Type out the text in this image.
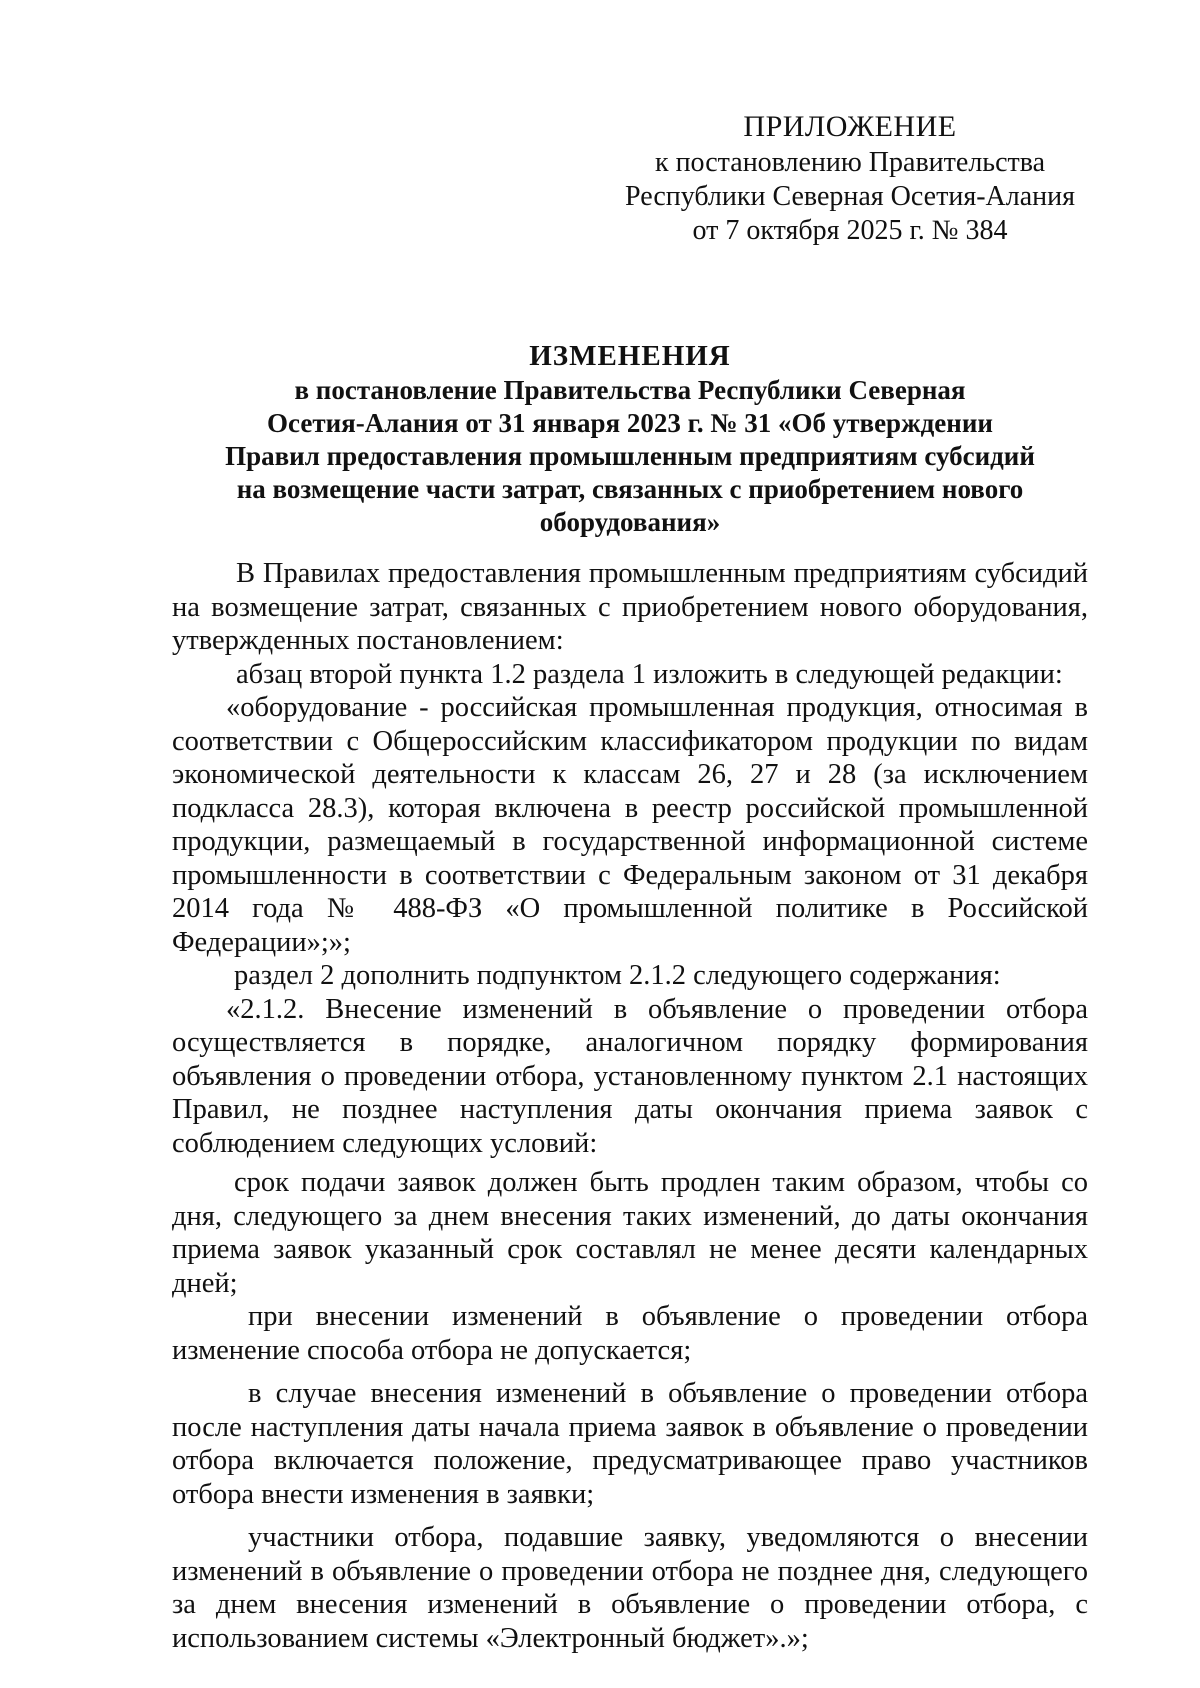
ПРИЛОЖЕНИЕ
к постановлению Правительства
Республики Северная Осетия-Алания
от 7 октября 2025 г. № 384
ИЗМЕНЕНИЯ
в постановление Правительства Республики Северная
Осетия-Алания от 31 января 2023 г. № 31 «Об утверждении
Правил предоставления промышленным предприятиям субсидий
на возмещение части затрат, связанных с приобретением нового
оборудования»

В Правилах предоставления промышленным предприятиям субсидий на возмещение затрат, связанных с приобретением нового оборудования, утвержденных постановлением:

абзац второй пункта 1.2 раздела 1 изложить в следующей редакции:

«оборудование - российская промышленная продукция, относимая в соответствии с Общероссийским классификатором продукции по видам экономической деятельности к классам 26, 27 и 28 (за исключением подкласса 28.3), которая включена в реестр российской промышленной продукции, размещаемый в государственной информационной системе промышленности в соответствии с Федеральным законом от 31 декабря 2014 года № 488-ФЗ «О промышленной политике в Российской Федерации»;»;

раздел 2 дополнить подпунктом 2.1.2 следующего содержания:

«2.1.2. Внесение изменений в объявление о проведении отбора осуществляется в порядке, аналогичном порядку формирования объявления о проведении отбора, установленному пунктом 2.1 настоящих Правил, не позднее наступления даты окончания приема заявок с соблюдением следующих условий:

срок подачи заявок должен быть продлен таким образом, чтобы со дня, следующего за днем внесения таких изменений, до даты окончания приема заявок указанный срок составлял не менее десяти календарных дней;

при внесении изменений в объявление о проведении отбора изменение способа отбора не допускается;

в случае внесения изменений в объявление о проведении отбора после наступления даты начала приема заявок в объявление о проведении отбора включается положение, предусматривающее право участников отбора внести изменения в заявки;

участники отбора, подавшие заявку, уведомляются о внесении изменений в объявление о проведении отбора не позднее дня, следующего за днем внесения изменений в объявление о проведении отбора, с использованием системы «Электронный бюджет».»;
